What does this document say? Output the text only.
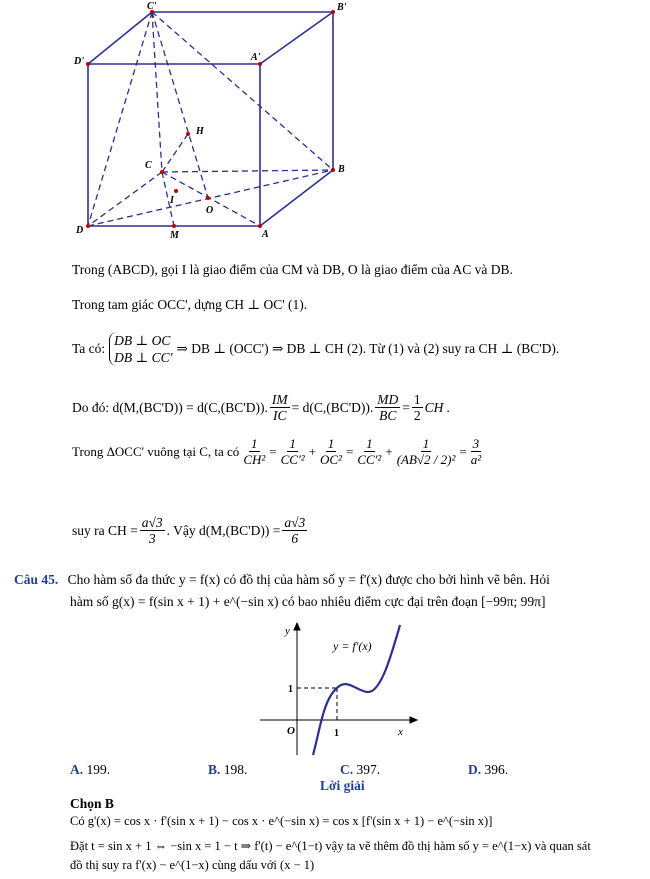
C'	B'
D'	A'
H
C	B
I
O
D	M	A
Trong (ABCD), gọi I là giao điểm của CM và DB, O là giao điểm của AC và DB.
Trong tam giác OCC', dựng CH ⊥ OC' (1).
Ta có:
DB ⊥ OC
DB ⊥ CC'
⇒ DB ⊥ (OCC') ⇒ DB ⊥ CH (2). Từ (1) và (2) suy ra CH ⊥ (BC'D).
Do đó: d(M,(BC'D)) = d(C,(BC'D)). $\frac{IM}{IC} = d(C,(BC'D))$. $\frac{MD}{BC} = \frac{1}{2}$ CH .
Trong ΔOCC' vuông tại C, ta có $\frac{1}{\text{CH²}} = \frac{1}{\text{CC'²}} + \frac{1}{\text{OC²}} = \frac{1}{\text{CC'²}} + \frac{1}{\text{(AB√2 / 2)²}} = \frac{3}{\text{a²}}$
suy ra CH = $\frac{a√3}{3}$ . Vậy $d(M,(BC'D)) = \frac{a√3}{6}$
Câu 45. Cho hàm số đa thức y = f(x) có đồ thị của hàm số y = f'(x) được cho bởi hình vẽ bên. Hỏi
hàm số g(x) = f(sin x + 1) + e^(−sin x) có bao nhiêu điểm cực đại trên đoạn [−99π; 99π]
y = f'(x)
y
x
O	1
1
A. 199.	B. 198.	C. 397.	D. 396.
Lời giải
Chọn B
Có g'(x) = cos x · f'(sin x + 1) − cos x · e^(−sin x) = cos x [f'(sin x + 1) − e^(−sin x)]
Đặt t = sin x + 1 ⇔ −sin x = 1 − t ⇒ f'(t) − e^(1−t) vậy ta vẽ thêm đồ thị hàm số y = e^(1−x) và quan sát
đồ thị suy ra f'(x) − e^(1−x) cùng dấu với (x − 1)
